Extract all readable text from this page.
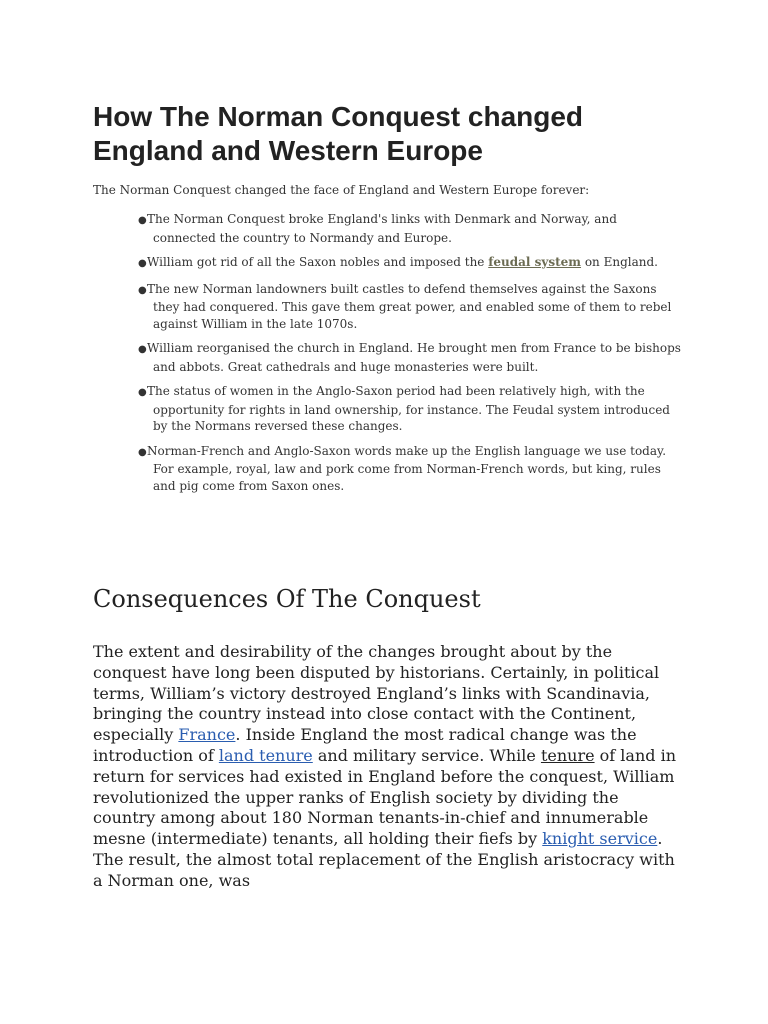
How The Norman Conquest changed England and Western Europe

The Norman Conquest changed the face of England and Western Europe forever:

●The Norman Conquest broke England's links with Denmark and Norway, and connected the country to Normandy and Europe.
●William got rid of all the Saxon nobles and imposed the feudal system on England.
●The new Norman landowners built castles to defend themselves against the Saxons they had conquered. This gave them great power, and enabled some of them to rebel against William in the late 1070s.
●William reorganised the church in England. He brought men from France to be bishops and abbots. Great cathedrals and huge monasteries were built.
●The status of women in the Anglo-Saxon period had been relatively high, with the opportunity for rights in land ownership, for instance. The Feudal system introduced by the Normans reversed these changes.
●Norman-French and Anglo-Saxon words make up the English language we use today. For example, royal, law and pork come from Norman-French words, but king, rules and pig come from Saxon ones.
Consequences Of The Conquest

The extent and desirability of the changes brought about by the conquest have long been disputed by historians. Certainly, in political terms, William’s victory destroyed England’s links with Scandinavia, bringing the country instead into close contact with the Continent, especially France. Inside England the most radical change was the introduction of land tenure and military service. While tenure of land in return for services had existed in England before the conquest, William revolutionized the upper ranks of English society by dividing the country among about 180 Norman tenants-in-chief and innumerable mesne (intermediate) tenants, all holding their fiefs by knight service. The result, the almost total replacement of the English aristocracy with a Norman one, was
